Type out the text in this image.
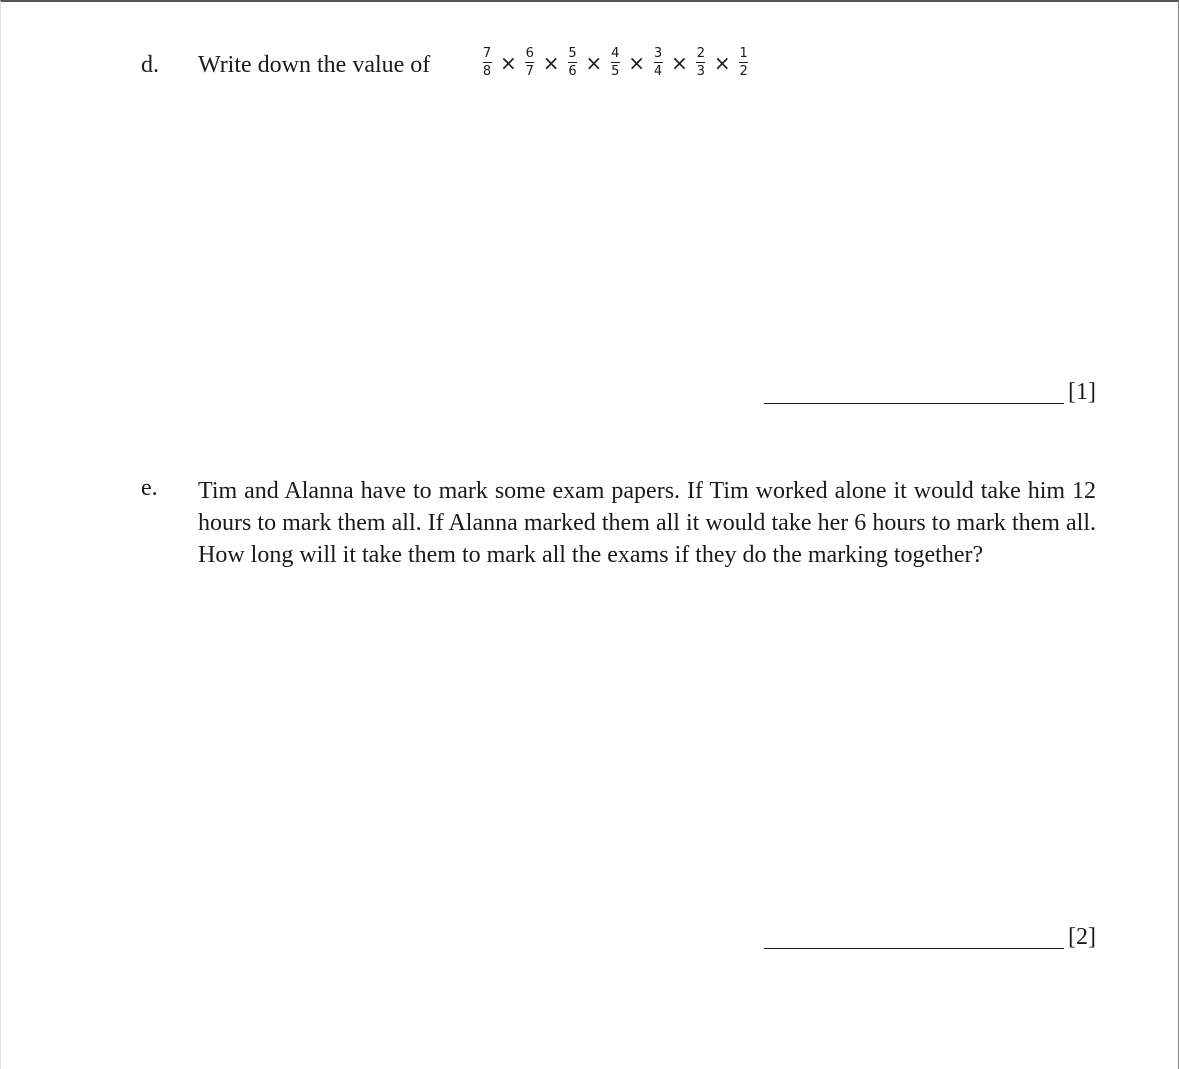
d. Write down the value of	$\frac{7}{8} \times \frac{6}{7} \times \frac{5}{6} \times \frac{4}{5} \times \frac{3}{4} \times \frac{2}{3} \times \frac{1}{2}$
[1]
e. Tim and Alanna have to mark some exam papers. If Tim worked alone it would take him 12 hours to mark them all. If Alanna marked them all it would take her 6 hours to mark them all. How long will it take them to mark all the exams if they do the marking together?
[2]
